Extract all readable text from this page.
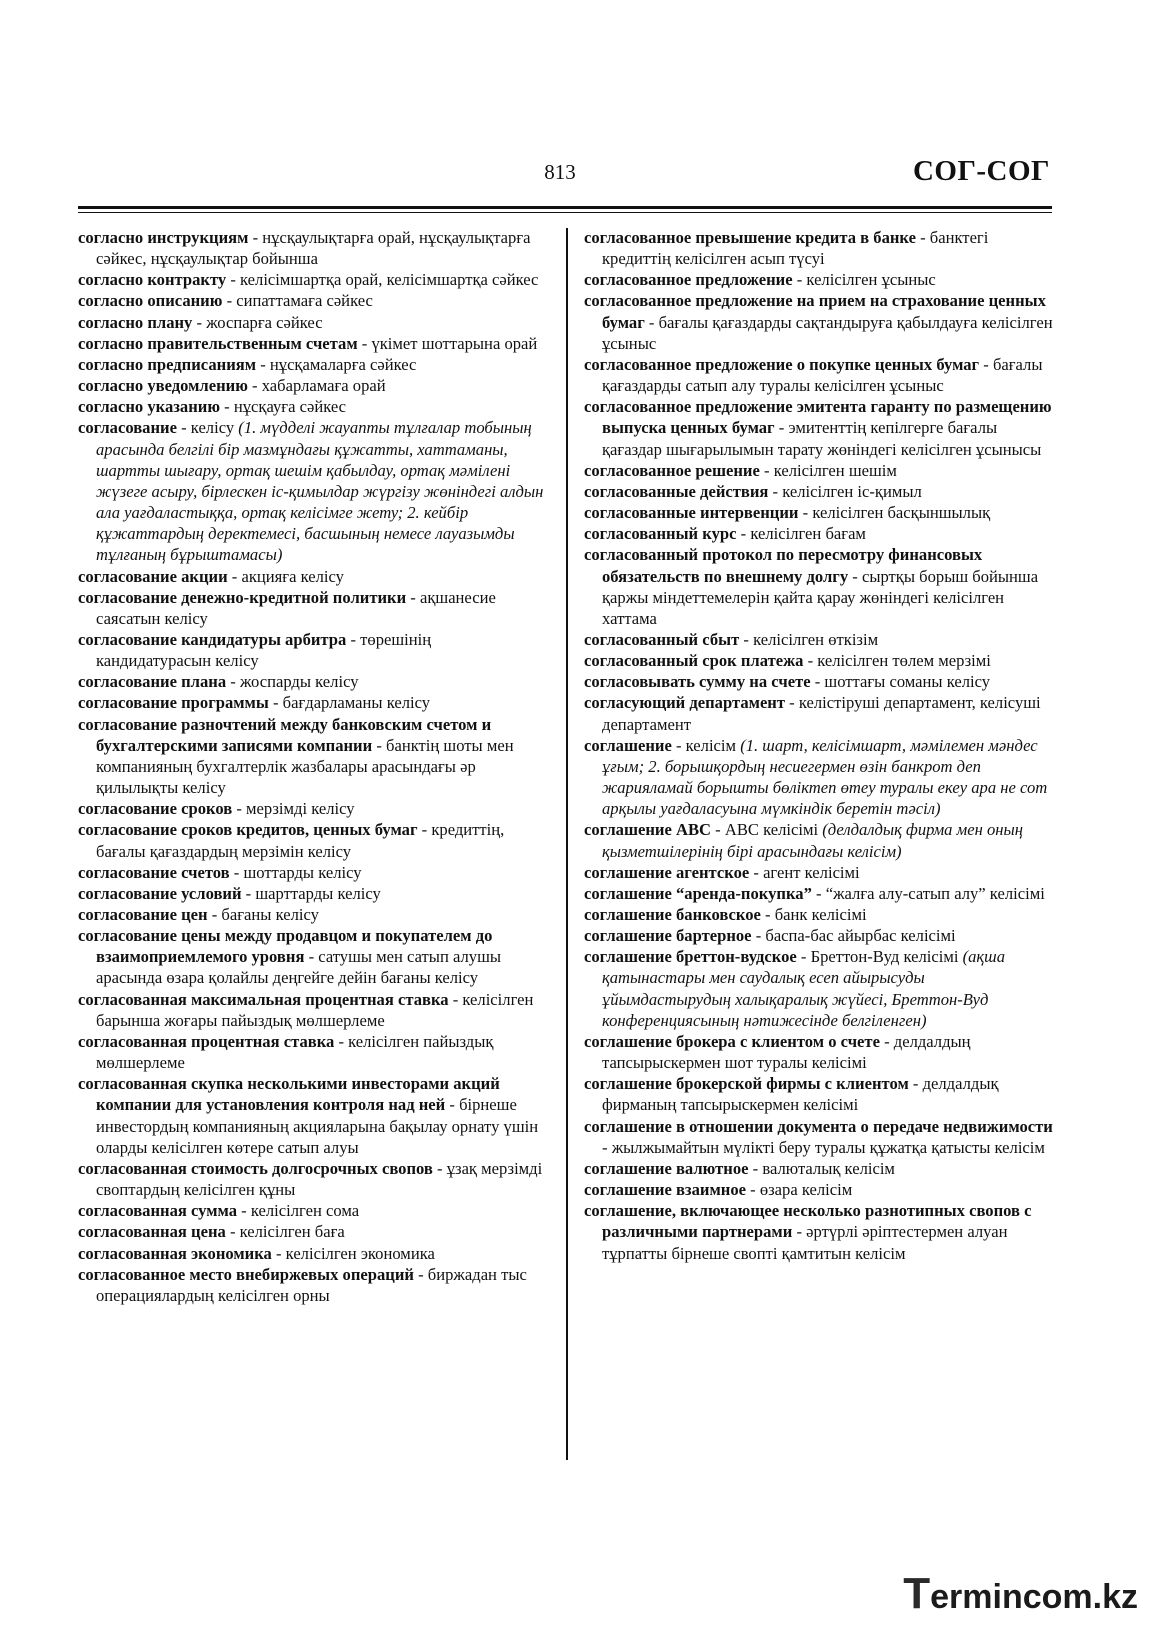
813	СОГ-СОГ
согласно инструкциям - нұсқаулықтарға орай, нұсқаулықтарға сәйкес, нұсқаулықтар бойынша
согласно контракту - келісімшартқа орай, келісімшартқа сәйкес
согласно описанию - сипаттамаға сәйкес
согласно плану - жоспарға сәйкес
согласно правительственным счетам - үкімет шоттарына орай
согласно предписаниям - нұсқамаларға сәйкес
согласно уведомлению - хабарламаға орай
согласно указанию - нұсқауға сәйкес
согласование - келісу (1. мүдделі жауапты тұлғалар тобының арасында белгілі бір мазмұндағы құжатты, хаттаманы, шартты шығару, ортақ шешім қабылдау, ортақ мәмілені жүзеге асыру, бірлескен іс-қимылдар жүргізу жөніндегі алдын ала уағдаластыққа, ортақ келісімге жету; 2. кейбір құжаттардың деректемесі, басшының немесе лауазымды тұлғаның бұрыштамасы)
согласование акции - акцияға келісу
согласование денежно-кредитной политики - ақшанесие саясатын келісу
согласование кандидатуры арбитра - төрешінің кандидатурасын келісу
согласование плана - жоспарды келісу
согласование программы - бағдарламаны келісу
согласование разночтений между банковским счетом и бухгалтерскими записями компании - банктің шоты мен компанияның бухгалтерлік жазбалары арасындағы әр қилылықты келісу
согласование сроков - мерзімді келісу
согласование сроков кредитов, ценных бумаг - кредиттің, бағалы қағаздардың мерзімін келісу
согласование счетов - шоттарды келісу
согласование условий - шарттарды келісу
согласование цен - бағаны келісу
согласование цены между продавцом и покупателем до взаимоприемлемого уровня - сатушы мен сатып алушы арасында өзара қолайлы деңгейге дейін бағаны келісу
согласованная максимальная процентная ставка - келісілген барынша жоғары пайыздық мөлшерлеме
согласованная процентная ставка - келісілген пайыздық мөлшерлеме
согласованная скупка несколькими инвесторами акций компании для установления контроля над ней - бірнеше инвестордың компанияның акцияларына бақылау орнату үшін оларды келісілген көтере сатып алуы
согласованная стоимость долгосрочных свопов - ұзақ мерзімді своптардың келісілген құны
согласованная сумма - келісілген сома
согласованная цена - келісілген баға
согласованная экономика - келісілген экономика
согласованное место внебиржевых операций - биржадан тыс операциялардың келісілген орны
согласованное превышение кредита в банке - банктегі кредиттің келісілген асып түсуі
согласованное предложение - келісілген ұсыныс
согласованное предложение на прием на страхование ценных бумаг - бағалы қағаздарды сақтандыруға қабылдауға келісілген ұсыныс
согласованное предложение о покупке ценных бумаг - бағалы қағаздарды сатып алу туралы келісілген ұсыныс
согласованное предложение эмитента гаранту по размещению выпуска ценных бумаг - эмитенттің кепілгерге бағалы қағаздар шығарылымын тарату жөніндегі келісілген ұсынысы
согласованное решение - келісілген шешім
согласованные действия - келісілген іс-қимыл
согласованные интервенции - келісілген басқыншылық
согласованный курс - келісілген бағам
согласованный протокол по пересмотру финансовых обязательств по внешнему долгу - сыртқы борыш бойынша қаржы міндеттемелерін қайта қарау жөніндегі келісілген хаттама
согласованный сбыт - келісілген өткізім
согласованный срок платежа - келісілген төлем мерзімі
согласовывать сумму на счете - шоттағы соманы келісу
согласующий департамент - келістіруші департамент, келісуші департамент
соглашение - келісім (1. шарт, келісімшарт, мәмілемен мәндес ұғым; 2. борышқордың несиегермен өзін банкрот деп жарияламай борышты бөліктеп өтеу туралы екеу ара не сот арқылы уағдаласуына мүмкіндік беретін тәсіл)
соглашение АВС - АВС келісімі (делдалдық фирма мен оның қызметшілерінің бірі арасындағы келісім)
соглашение агентское - агент келісімі
соглашение “аренда-покупка” - “жалға алу-сатып алу” келісімі
соглашение банковское - банк келісімі
соглашение бартерное - баспа-бас айырбас келісімі
соглашение бреттон-вудское - Бреттон-Вуд келісімі (ақша қатынастары мен саудалық есеп айырысуды ұйымдастырудың халықаралық жүйесі, Бреттон-Вуд конференциясының нәтижесінде белгіленген)
соглашение брокера с клиентом о счете - делдалдың тапсырыскермен шот туралы келісімі
соглашение брокерской фирмы с клиентом - делдалдық фирманың тапсырыскермен келісімі
соглашение в отношении документа о передаче недвижимости - жылжымайтын мүлікті беру туралы құжатқа қатысты келісім
соглашение валютное - валюталық келісім
соглашение взаимное - өзара келісім
соглашение, включающее несколько разнотипных свопов с различными партнерами - әртүрлі әріптестермен алуан тұрпатты бірнеше своптi қамтитын келісім
Termincom.kz
